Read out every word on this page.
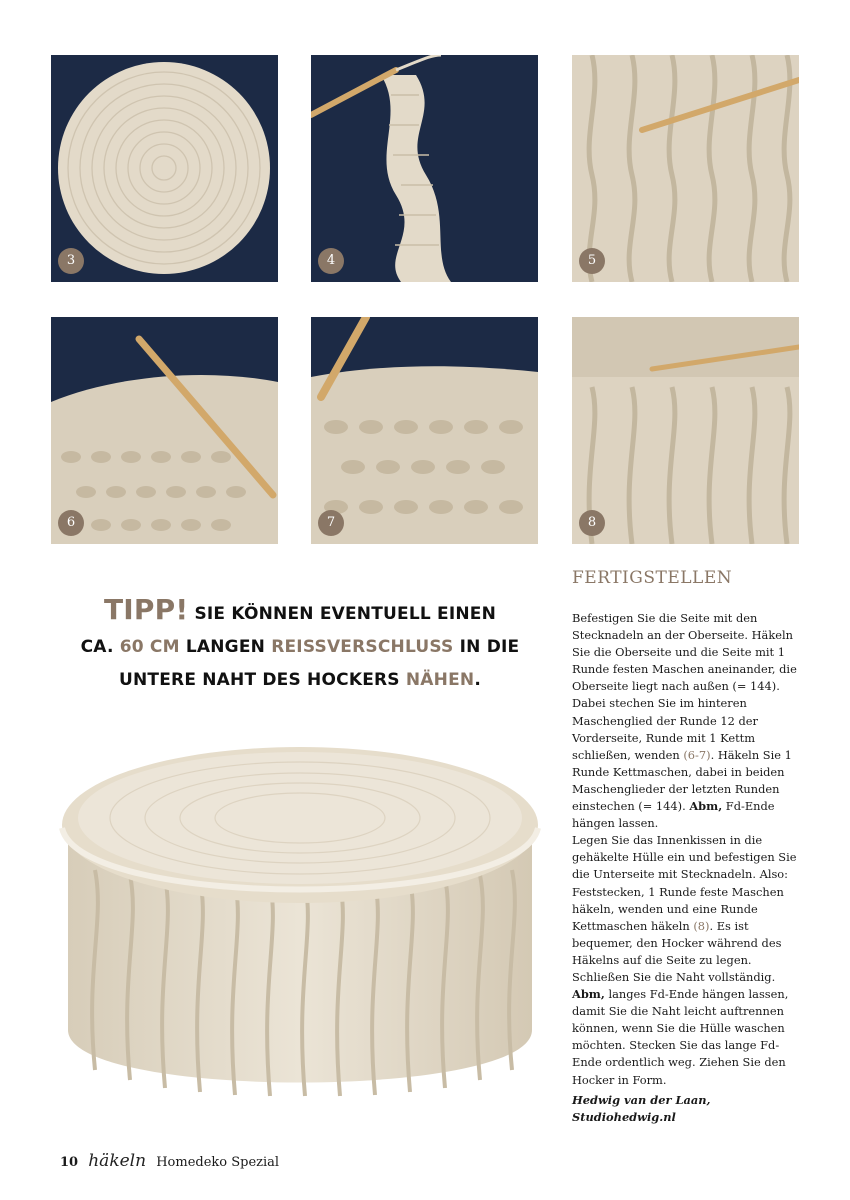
3	4	5
6	7	8
TIPP! SIE KÖNNEN EVENTUELL EINEN
CA. 60 CM LANGEN REISSVERSCHLUSS IN DIE
UNTERE NAHT DES HOCKERS NÄHEN.
FERTIGSTELLEN

Befestigen Sie die Seite mit den Stecknadeln an der Oberseite. Häkeln Sie die Oberseite und die Seite mit 1 Runde festen Maschen aneinander, die Oberseite liegt nach außen (= 144). Dabei stechen Sie im hinteren Maschenglied der Runde 12 der Vorderseite, Runde mit 1 Kettm schließen, wenden (6-7). Häkeln Sie 1 Runde Kettmaschen, dabei in beiden Maschenglieder der letzten Runden einstechen (= 144). Abm, Fd-Ende hängen lassen.

Legen Sie das Innenkissen in die gehäkelte Hülle ein und befestigen Sie die Unterseite mit Stecknadeln. Also: Feststecken, 1 Runde feste Maschen häkeln, wenden und eine Runde Kettmaschen häkeln (8). Es ist bequemer, den Hocker während des Häkelns auf die Seite zu legen. Schließen Sie die Naht vollständig. Abm, langes Fd-Ende hängen lassen, damit Sie die Naht leicht auftrennen können, wenn Sie die Hülle waschen möchten. Stecken Sie das lange Fd-Ende ordentlich weg. Ziehen Sie den Hocker in Form.

Hedwig van der Laan,
Studiohedwig.nl
10 häkeln Homedeko Spezial
